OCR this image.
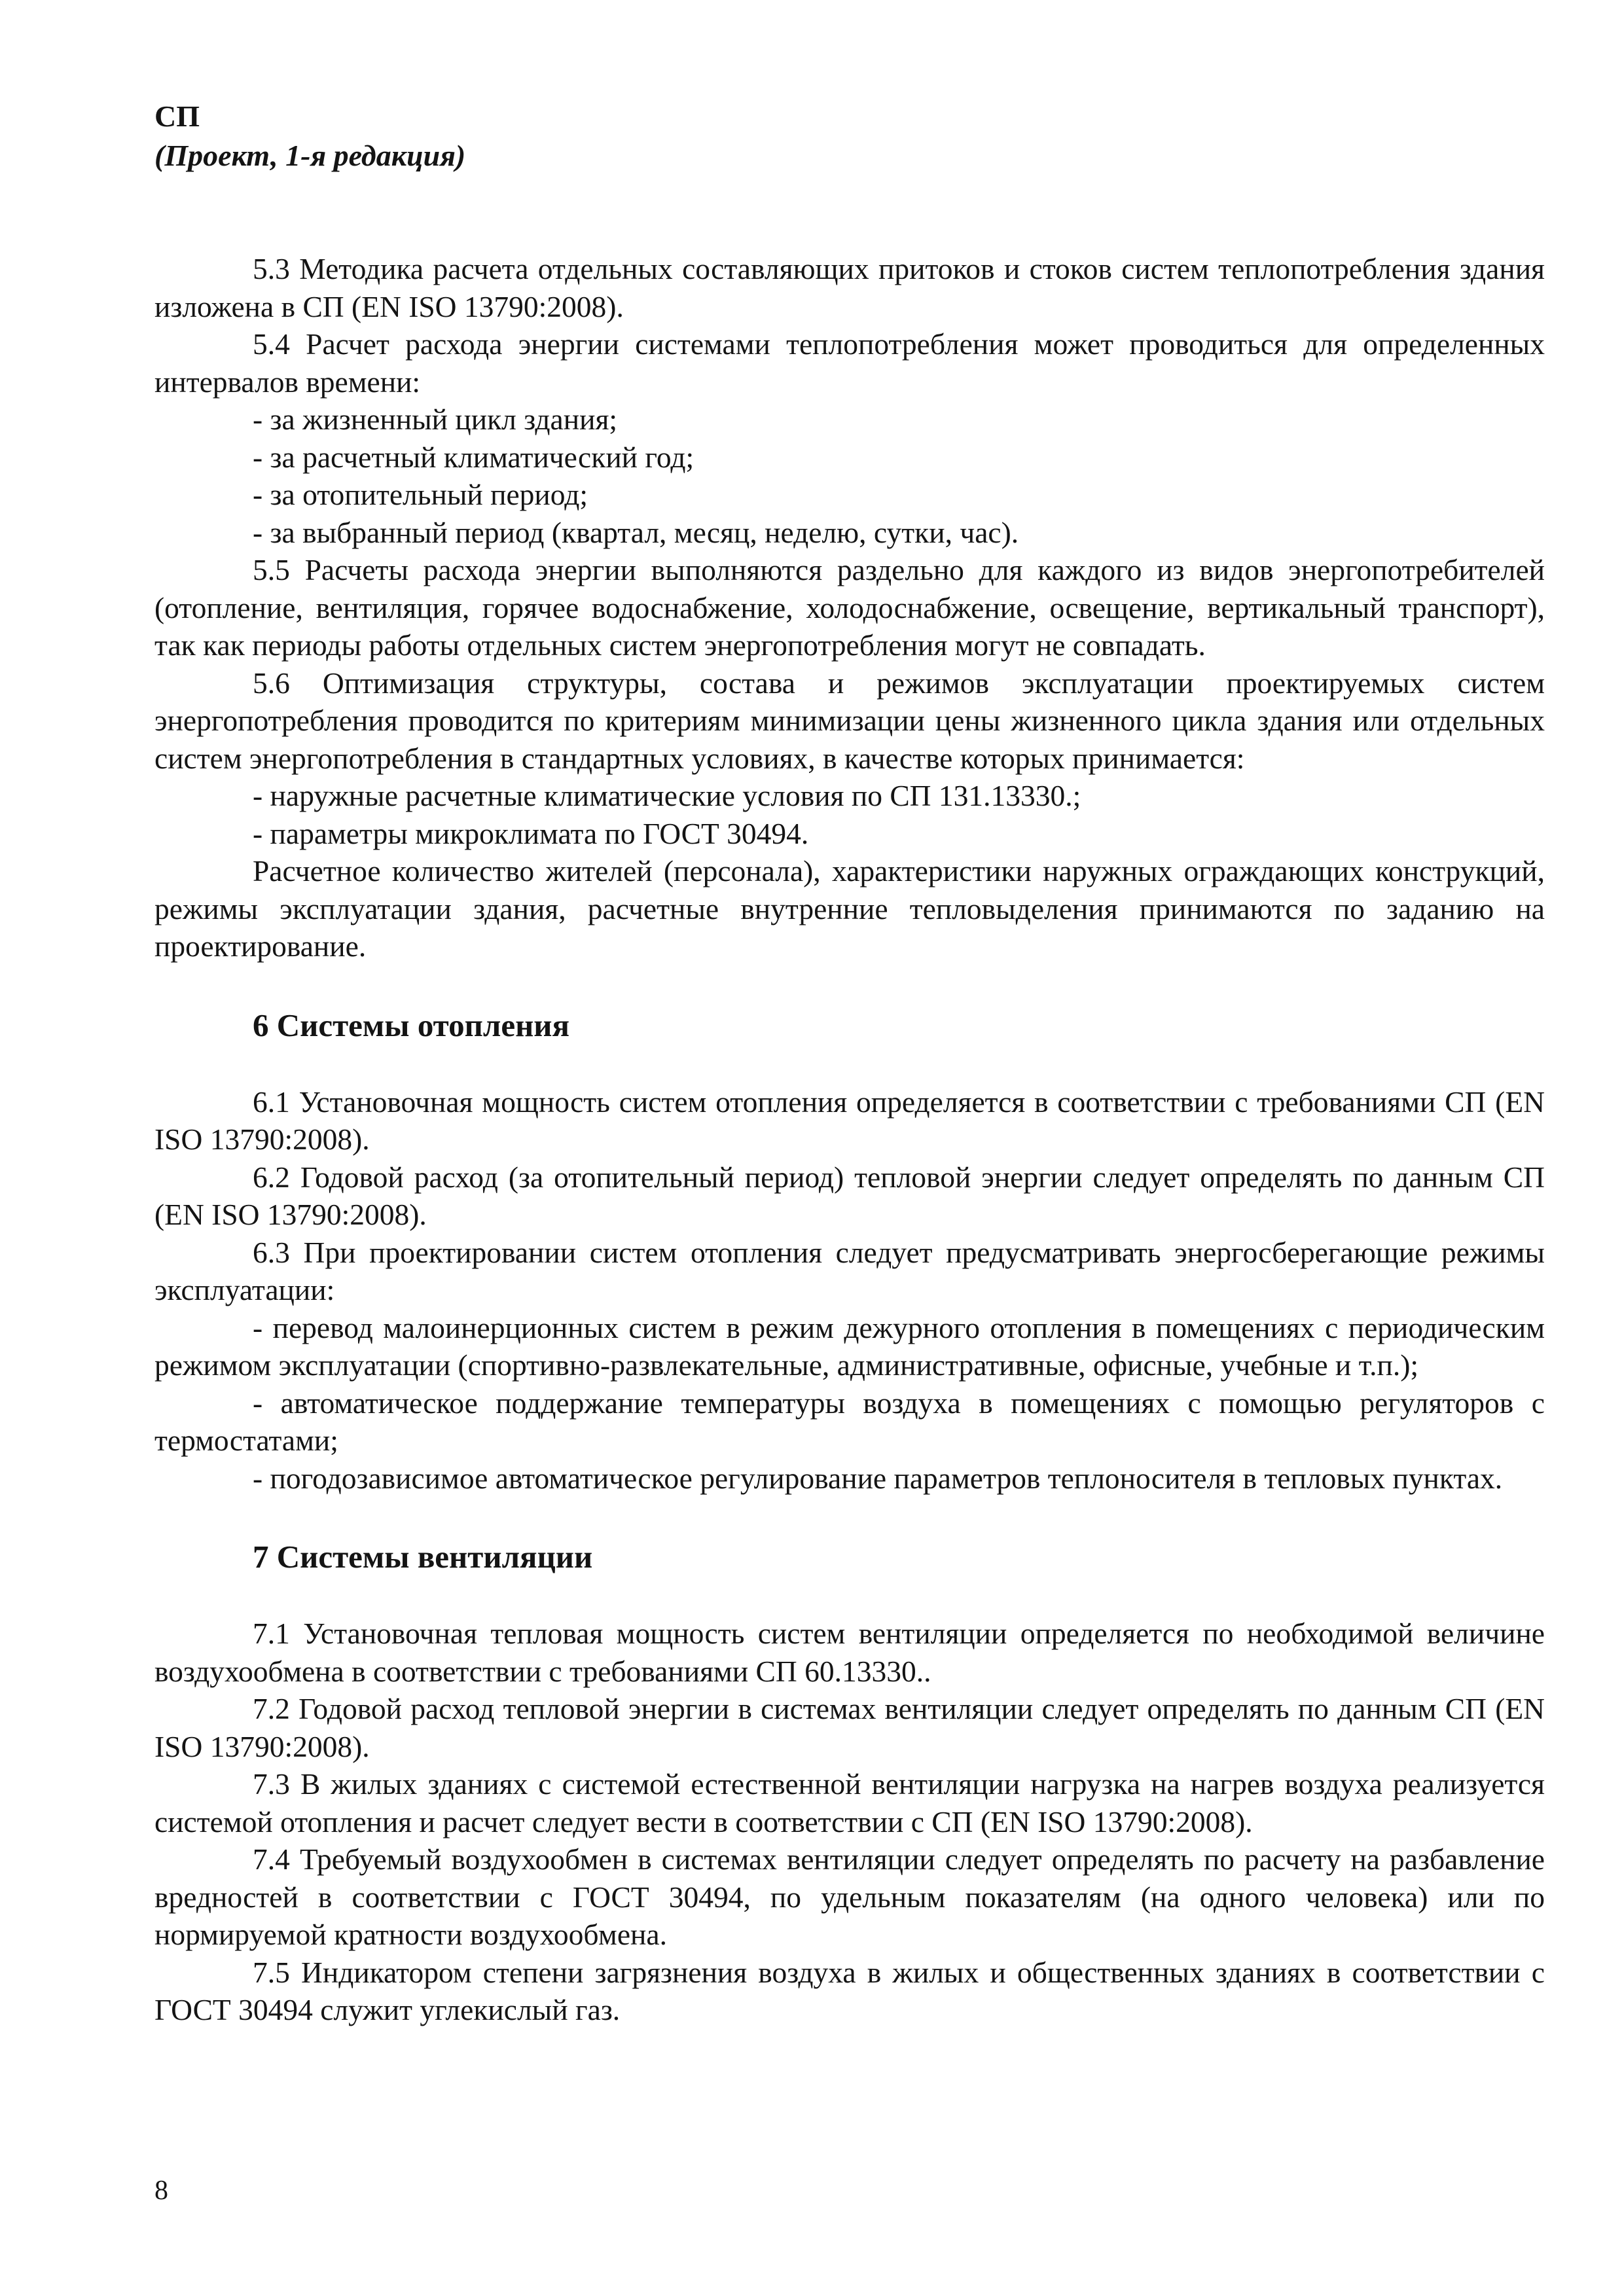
СП
(Проект, 1-я редакция)

5.3 Методика расчета отдельных составляющих притоков и стоков систем теплопотребления здания изложена в СП (EN ISO 13790:2008).

5.4 Расчет расхода энергии системами теплопотребления может проводиться для определенных интервалов времени:

- за жизненный цикл здания;

- за расчетный климатический год;

- за отопительный период;

- за выбранный период (квартал, месяц, неделю, сутки, час).

5.5 Расчеты расхода энергии выполняются раздельно для каждого из видов энергопотребителей (отопление, вентиляция, горячее водоснабжение, холодоснабжение, освещение, вертикальный транспорт), так как периоды работы отдельных систем энергопотребления могут не совпадать.

5.6 Оптимизация структуры, состава и режимов эксплуатации проектируемых систем энергопотребления проводится по критериям минимизации цены жизненного цикла здания или отдельных систем энергопотребления в стандартных условиях, в качестве которых принимается:

- наружные расчетные климатические условия по СП 131.13330.;

- параметры микроклимата по ГОСТ 30494.

Расчетное количество жителей (персонала), характеристики наружных ограждающих конструкций, режимы эксплуатации здания, расчетные внутренние тепловыделения принимаются по заданию на проектирование.

6 Системы отопления

6.1 Установочная мощность систем отопления определяется в соответствии с требованиями СП (EN ISO 13790:2008).

6.2 Годовой расход (за отопительный период) тепловой энергии следует определять по данным СП (EN ISO 13790:2008).

6.3 При проектировании систем отопления следует предусматривать энергосберегающие режимы эксплуатации:

- перевод малоинерционных систем в режим дежурного отопления в помещениях с периодическим режимом эксплуатации (спортивно-развлекательные, административные, офисные, учебные и т.п.);

- автоматическое поддержание температуры воздуха в помещениях с помощью регуляторов с термостатами;

- погодозависимое автоматическое регулирование параметров теплоносителя в тепловых пунктах.

7 Системы вентиляции

7.1 Установочная тепловая мощность систем вентиляции определяется по необходимой величине воздухообмена в соответствии с требованиями СП 60.13330..

7.2 Годовой расход тепловой энергии в системах вентиляции следует определять по данным СП (EN ISO 13790:2008).

7.3 В жилых зданиях с системой естественной вентиляции нагрузка на нагрев воздуха реализуется системой отопления и расчет следует вести в соответствии с СП (EN ISO 13790:2008).

7.4 Требуемый воздухообмен в системах вентиляции следует определять по расчету на разбавление вредностей в соответствии с ГОСТ 30494, по удельным показателям (на одного человека) или по нормируемой кратности воздухообмена.

7.5 Индикатором степени загрязнения воздуха в жилых и общественных зданиях в соответствии с ГОСТ 30494 служит углекислый газ.

8
